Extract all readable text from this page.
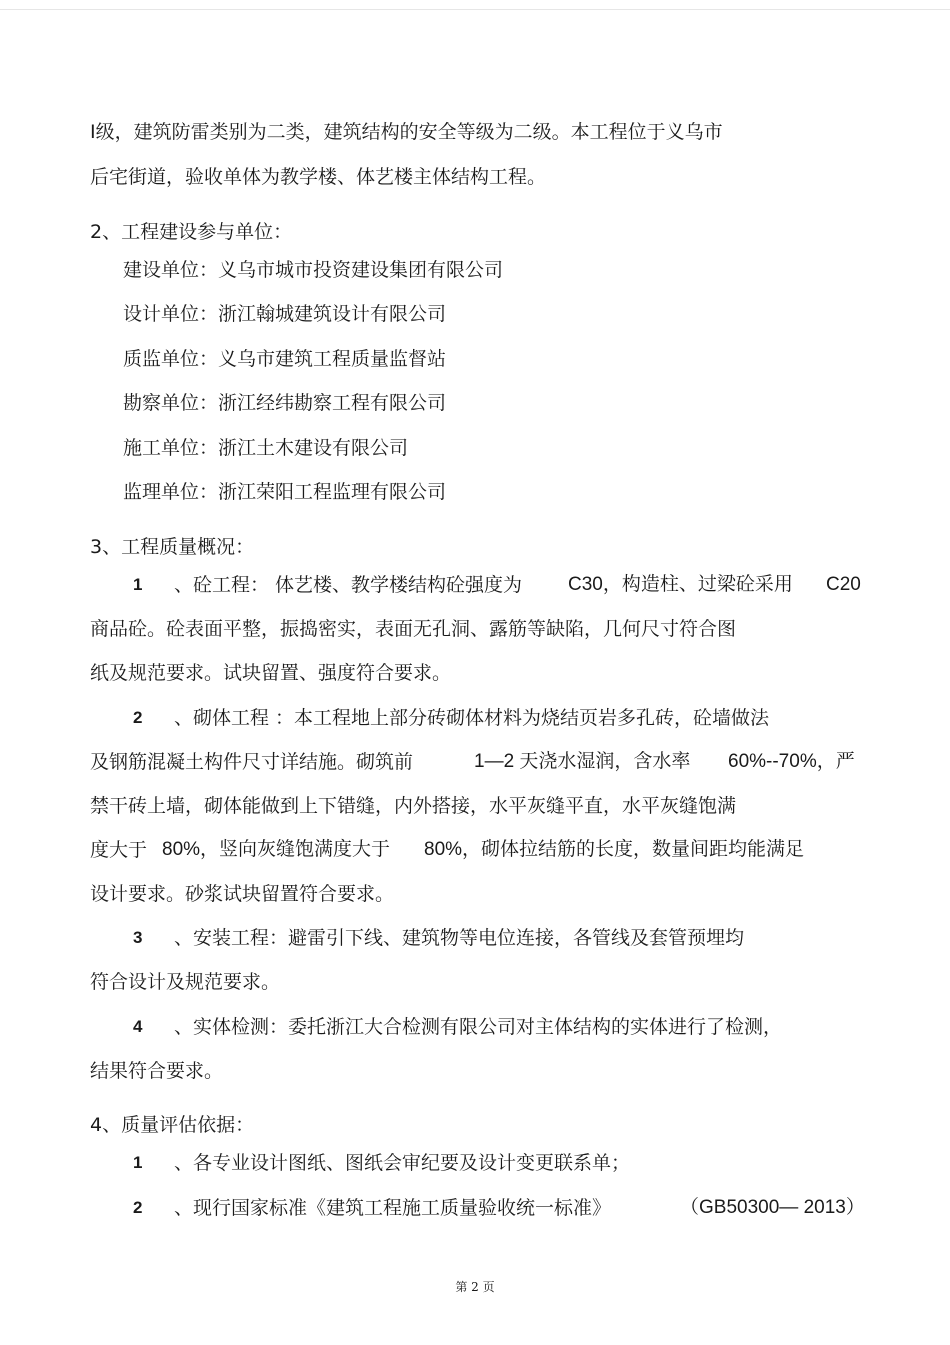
Ⅰ级，建筑防雷类别为二类，建筑结构的安全等级为二级。本工程位于义乌市
后宅街道，验收单体为教学楼、体艺楼主体结构工程。
2、工程建设参与单位：
建设单位：义乌市城市投资建设集团有限公司
设计单位：浙江翰城建筑设计有限公司
质监单位：义乌市建筑工程质量监督站
勘察单位：浙江经纬勘察工程有限公司
施工单位：浙江土木建设有限公司
监理单位：浙江荣阳工程监理有限公司
3、工程质量概况：
1 、砼工程： 体艺楼、教学楼结构砼强度为 C30，构造柱、过梁砼采用 C20
商品砼。砼表面平整，振捣密实，表面无孔洞、露筋等缺陷，几何尺寸符合图
纸及规范要求。试块留置、强度符合要求。
2 、砌体工程 ：本工程地上部分砖砌体材料为烧结页岩多孔砖，砼墙做法
及钢筋混凝土构件尺寸详结施。砌筑前	1—2 天浇水湿润，含水率 60%--70%，严
禁干砖上墙，砌体能做到上下错缝，内外搭接，水平灰缝平直，水平灰缝饱满
度大于 80%，竖向灰缝饱满度大于 80%，砌体拉结筋的长度，数量间距均能满足
设计要求。砂浆试块留置符合要求。
3 、安装工程：避雷引下线、建筑物等电位连接，各管线及套管预埋均
符合设计及规范要求。
4 、实体检测：委托浙江大合检测有限公司对主体结构的实体进行了检测，
结果符合要求。
4、质量评估依据：
1 、各专业设计图纸、图纸会审纪要及设计变更联系单；
2 、现行国家标准《建筑工程施工质量验收统一标准》	（GB50300— 2013）
第 2 页
